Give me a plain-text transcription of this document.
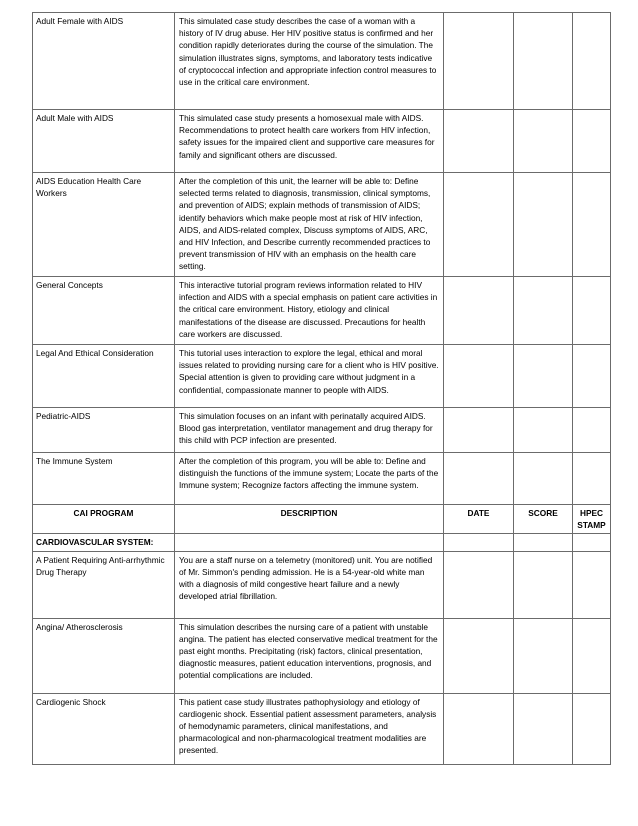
Adult Female with AIDS	This simulated case study describes the case of a woman with a history of IV drug abuse. Her HIV positive status is confirmed and her condition rapidly deteriorates during the course of the simulation. The simulation illustrates signs, symptoms, and laboratory tests indicative of cryptococcal infection and appropriate infection control measures to use in the critical care environment.			
Adult Male with AIDS	This simulated case study presents a homosexual male with AIDS. Recommendations to protect health care workers from HIV infection, safety issues for the impaired client and supportive care measures for family and significant others are discussed.			
AIDS Education Health Care Workers	After the completion of this unit, the learner will be able to: Define selected terms related to diagnosis, transmission, clinical symptoms, and prevention of AIDS; explain methods of transmission of AIDS; identify behaviors which make people most at risk of HIV infection, AIDS, and AIDS-related complex, Discuss symptoms of AIDS, ARC, and HIV Infection, and Describe currently recommended practices to prevent transmission of HIV with an emphasis on the health care setting.			
General Concepts	This interactive tutorial program reviews information related to HIV infection and AIDS with a special emphasis on patient care activities in the critical care environment. History, etiology and clinical manifestations of the disease are discussed. Precautions for health care workers are discussed.			
Legal And Ethical Consideration	This tutorial uses interaction to explore the legal, ethical and moral issues related to providing nursing care for a client who is HIV positive. Special attention is given to providing care without judgment in a confidential, compassionate manner to people with AIDS.			
Pediatric-AIDS	This simulation focuses on an infant with perinatally acquired AIDS. Blood gas interpretation, ventilator management and drug therapy for this child with PCP infection are presented.			
The Immune System	After the completion of this program, you will be able to: Define and distinguish the functions of the immune system; Locate the parts of the Immune system; Recognize factors affecting the immune system.			
CAI PROGRAM	DESCRIPTION	DATE	SCORE	HPEC STAMP
CARDIOVASCULAR SYSTEM:				
A Patient Requiring Anti-arrhythmic Drug Therapy	You are a staff nurse on a telemetry (monitored) unit. You are notified of Mr. Simmon's pending admission. He is a 54-year-old white man with a diagnosis of mild congestive heart failure and a newly developed atrial fibrillation.			
Angina/ Atherosclerosis	This simulation describes the nursing care of a patient with unstable angina. The patient has elected conservative medical treatment for the past eight months. Precipitating (risk) factors, clinical presentation, diagnostic measures, patient education interventions, prognosis, and potential complications are included.			
Cardiogenic Shock	This patient case study illustrates pathophysiology and etiology of cardiogenic shock. Essential patient assessment parameters, analysis of hemodynamic parameters, clinical manifestations, and pharmacological and non-pharmacological treatment modalities are presented.			
